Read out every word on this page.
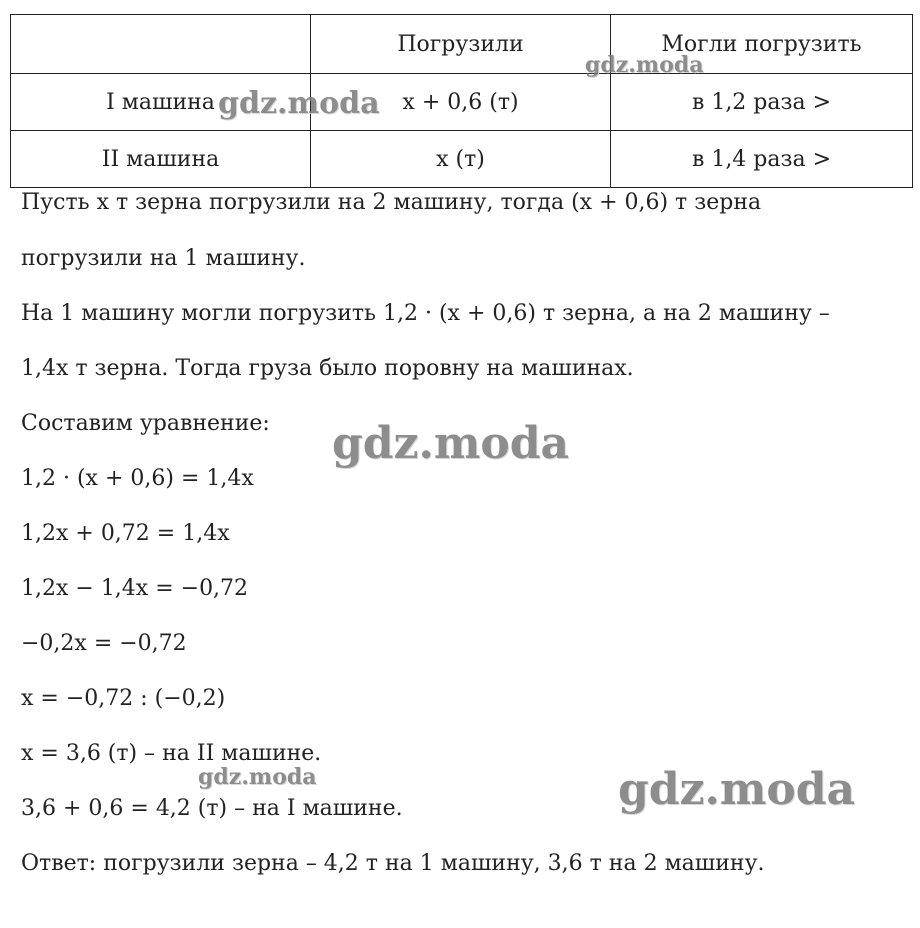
	Погрузили	Могли погрузить
I машина	x + 0,6 (т)	в 1,2 раза >
II машина	x (т)	в 1,4 раза >
Пусть x т зерна погрузили на 2 машину, тогда (x + 0,6) т зерна
погрузили на 1 машину.
На 1 машину могли погрузить 1,2 · (x + 0,6) т зерна, а на 2 машину –
1,4x т зерна. Тогда груза было поровну на машинах.
Составим уравнение:
1,2 · (x + 0,6) = 1,4x
1,2x + 0,72 = 1,4x
1,2x − 1,4x = −0,72
−0,2x = −0,72
x = −0,72 : (−0,2)
x = 3,6 (т) – на II машине.
3,6 + 0,6 = 4,2 (т) – на I машине.
Ответ: погрузили зерна – 4,2 т на 1 машину, 3,6 т на 2 машину.
gdz.moda
gdz.moda
gdz.moda
gdz.moda	gdz.moda
